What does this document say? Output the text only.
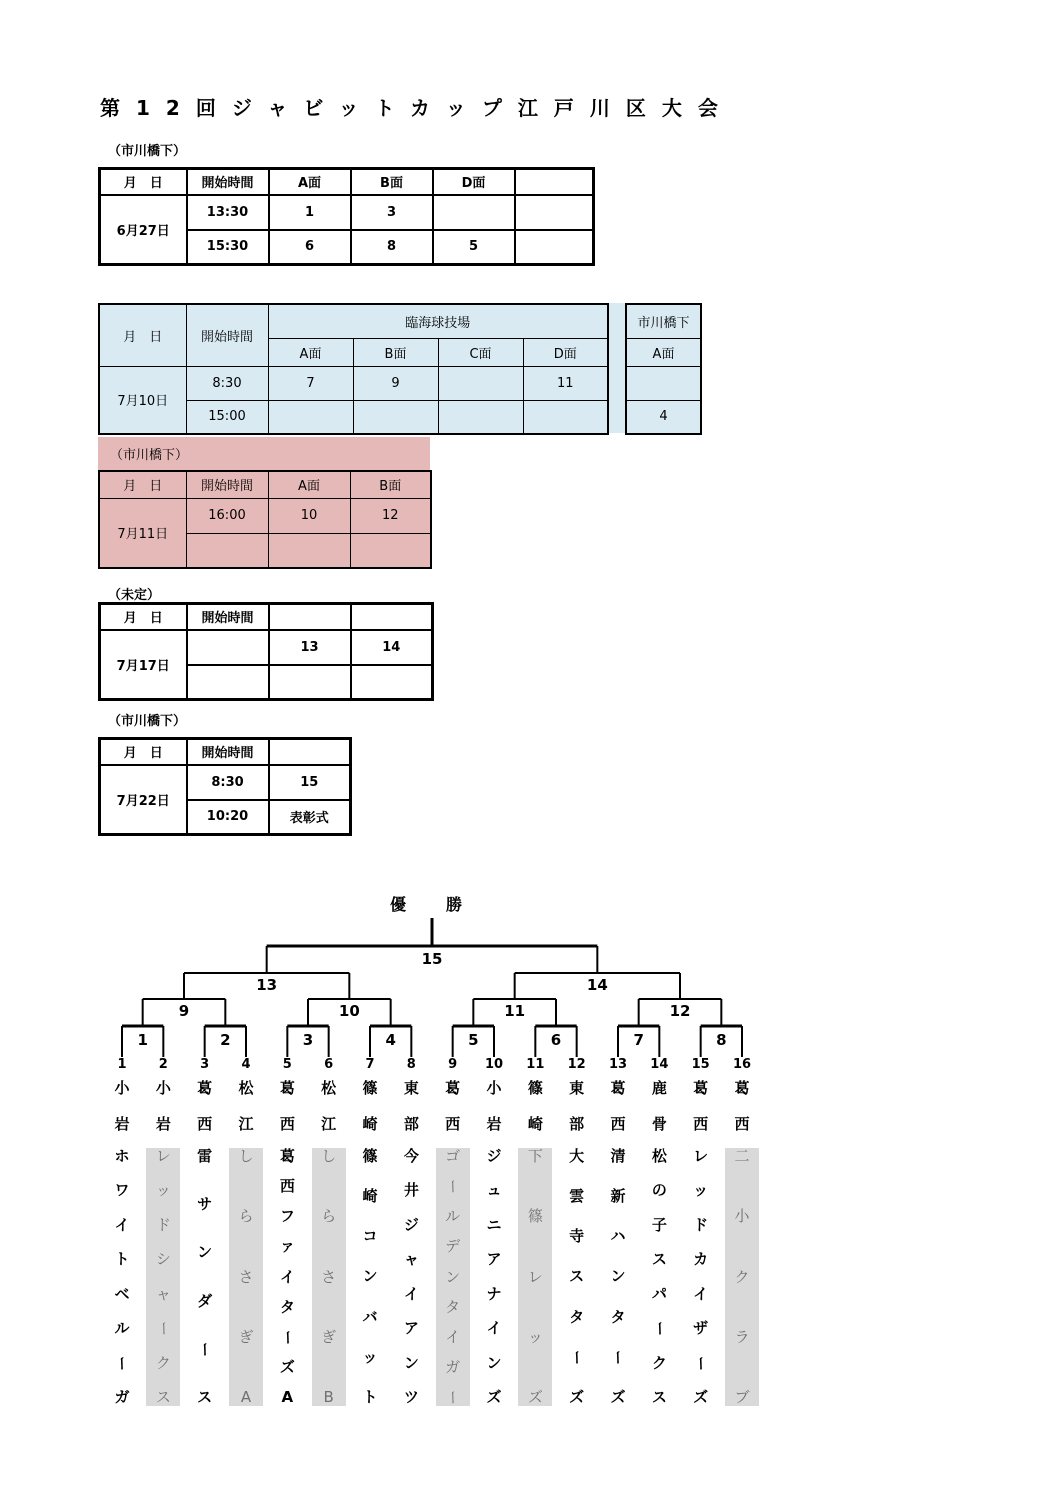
第12回ジャビットカップ江戸川区大会
（市川橋下）
月　日	開始時間	A面	B面	D面	
6月27日	13:30	1	3		
	15:30	6	8	5	
月　日	開始時間	臨海球技場			
		A面	B面	C面	D面
7月10日	8:30	7	9		11
	15:00				
市川橋下
A面

4
（市川橋下）
月　日	開始時間	A面	B面
7月11日	16:00	10	12

（未定）
月　日	開始時間		
7月17日		13	14

（市川橋下）
月　日	開始時間	
7月22日	8:30	15
	10:20	表彰式
優　勝
15
13	14
9	10	11	12
1	2	3	4	5	6	7	8
1 2 3 4 5 6 7 8 9 10 11 12 13 14 15 16
小
岩
ホ
ワ
イ
ト
ベ
ル
ー
ガ
小
岩
レ
ッ
ド
シ
ャ
ー
ク
ス
葛
西
雷
サ
ン
ダ
ー
ス
松
江
し
ら
さ
ぎ
A
葛
西
葛
西
フ
ァ
イ
タ
ー
ズ
A
松
江
し
ら
さ
ぎ
B
篠
崎
篠
崎
コ
ン
バ
ッ
ト
東
部
今
井
ジ
ャ
イ
ア
ン
ツ
葛
西
ゴ
ー
ル
デ
ン
タ
イ
ガ
ー
小
岩
ジ
ュ
ニ
ア
ナ
イ
ン
ズ
篠
崎
下
篠
レ
ッ
ズ
東
部
大
雲
寺
ス
タ
ー
ズ
葛
西
清
新
ハ
ン
タ
ー
ズ
鹿
骨
松
の
子
ス
パ
ー
ク
ス
葛
西
レ
ッ
ド
カ
イ
ザ
ー
ズ
葛
西
二
小
ク
ラ
ブ
